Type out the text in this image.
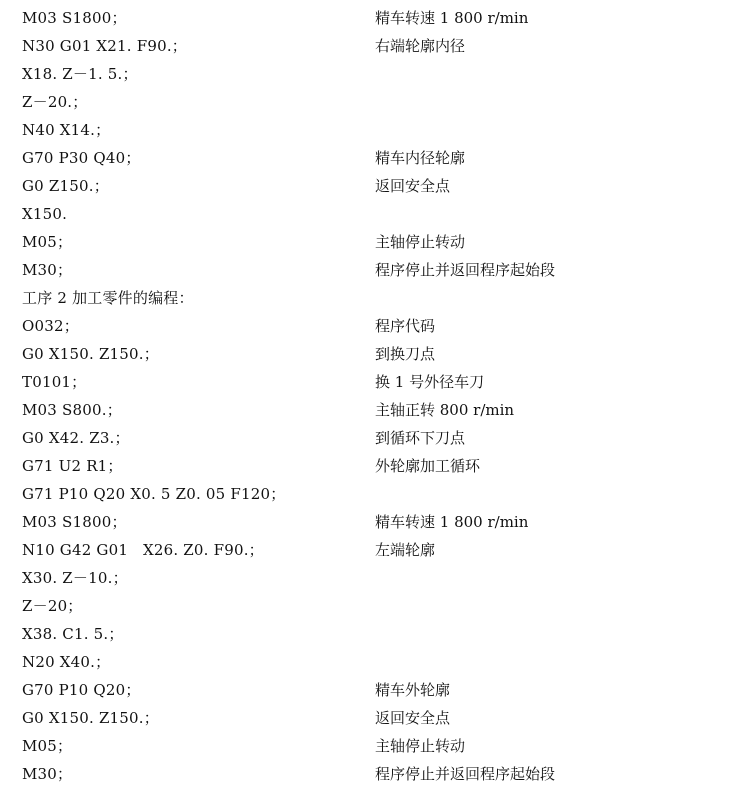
M03 S1800；	精车转速 1 800 r/min
N30 G01 X21. F90.；	右端轮廓内径
X18. Z－1. 5.；
Z－20.；
N40 X14.；
G70 P30 Q40；	精车内径轮廓
G0 Z150.；	返回安全点
X150.
M05；	主轴停止转动
M30；	程序停止并返回程序起始段
工序 2 加工零件的编程：
O032；	程序代码
G0 X150. Z150.；	到换刀点
T0101；	换 1 号外径车刀
M03 S800.；	主轴正转 800 r/min
G0 X42. Z3.；	到循环下刀点
G71 U2 R1；	外轮廓加工循环
G71 P10 Q20 X0. 5 Z0. 05 F120；
M03 S1800；	精车转速 1 800 r/min
N10 G42 G01   X26. Z0. F90.；	左端轮廓
X30. Z－10.；
Z－20；
X38. C1. 5.；
N20 X40.；
G70 P10 Q20；	精车外轮廓
G0 X150. Z150.；	返回安全点
M05；	主轴停止转动
M30；	程序停止并返回程序起始段
